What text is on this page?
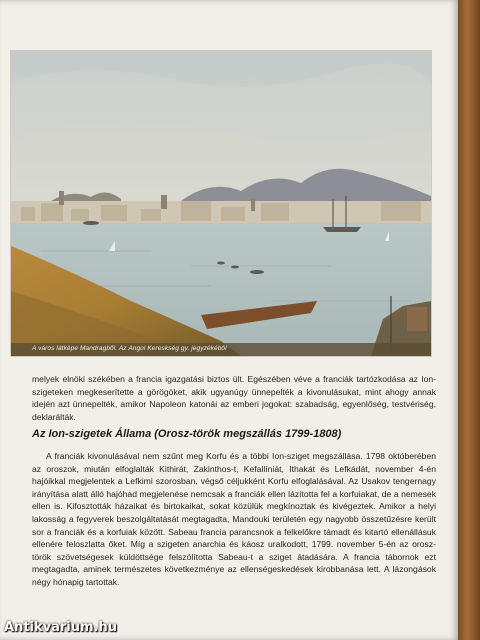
A város látképe Mandragből. Az Angol Kereskség gy. jegyzékéből

melyek elnöki székében a francia igazgatási biztos ült. Egészében véve a franciák tartózkodása az Ion-szigeteken megkeserítette a görögöket, akik ugyanúgy ünnepelték a kivonulásukat, mint ahogy annak idején azt ünnepelték, amikor Napoleon katonái az emberi jogokat: szabadság, egyenlőség, testvériség, deklarálták.

Az Ion-szigetek Állama (Orosz-török megszállás 1799-1808)

A franciák kivonulásával nem szűnt meg Korfu és a többi Ion-sziget megszállása. 1798 októberében az oroszok, miután elfoglalták Kithirát, Zakinthos-t, Kefallíniát, Ithakát és Lefkádát, november 4-én hajóikkal megjelentek a Lefkimi szorosban, végső céljukként Korfu elfoglalásával. Az Usakov tengernagy irányítása alatt álló hajóhad megjelenése nemcsak a franciák ellen lázította fel a korfuiakat, de a nemesek ellen is. Kifosztották házaikat és birtokaikat, sokat közülük megkínoztak és kivégeztek. Amikor a helyi lakosság a fegyverek beszolgáltatását megtagadta, Mandouki területén egy nagyobb összetűzésre került sor a franciák és a korfuiak között. Sabeau francia parancsnok a felkelőkre támadt és kitartó ellenállásuk ellenére feloszlatta őket. Míg a szigeten anarchia és káosz uralkodott, 1799. november 5-én az orosz-török szövetségesek küldöttsége felszólította Sabeau-t a sziget átadására. A francia tábornok ezt megtagadta, aminek természetes következménye az ellenségeskedések kirobbanása lett. A lázongások négy hónapig tartottak.

Antikvarium.hu
